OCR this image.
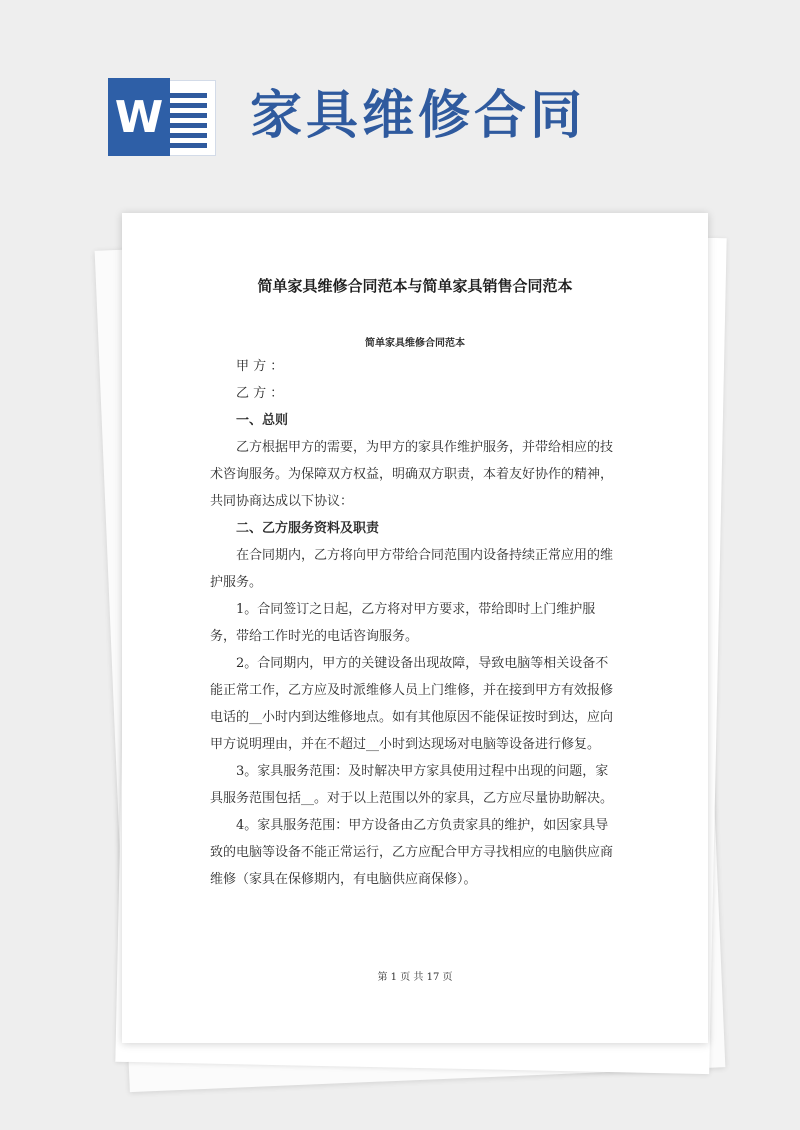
W 家具维修合同
简单家具维修合同范本与简单家具销售合同范本
简单家具维修合同范本

甲 方 ：

乙 方 ：

一、总则

乙方根据甲方的需要，为甲方的家具作维护服务，并带给相应的技术咨询服务。为保障双方权益，明确双方职责，本着友好协作的精神，共同协商达成以下协议：

二、乙方服务资料及职责

在合同期内，乙方将向甲方带给合同范围内设备持续正常应用的维护服务。

1。合同签订之日起，乙方将对甲方要求，带给即时上门维护服务，带给工作时光的电话咨询服务。

2。合同期内，甲方的关键设备出现故障，导致电脑等相关设备不能正常工作，乙方应及时派维修人员上门维修，并在接到甲方有效报修电话的__小时内到达维修地点。如有其他原因不能保证按时到达，应向甲方说明理由，并在不超过__小时到达现场对电脑等设备进行修复。

3。家具服务范围：及时解决甲方家具使用过程中出现的问题，家具服务范围包括__。对于以上范围以外的家具，乙方应尽量协助解决。

4。家具服务范围：甲方设备由乙方负责家具的维护，如因家具导致的电脑等设备不能正常运行，乙方应配合甲方寻找相应的电脑供应商维修（家具在保修期内，有电脑供应商保修）。

第 1 页 共 17 页
